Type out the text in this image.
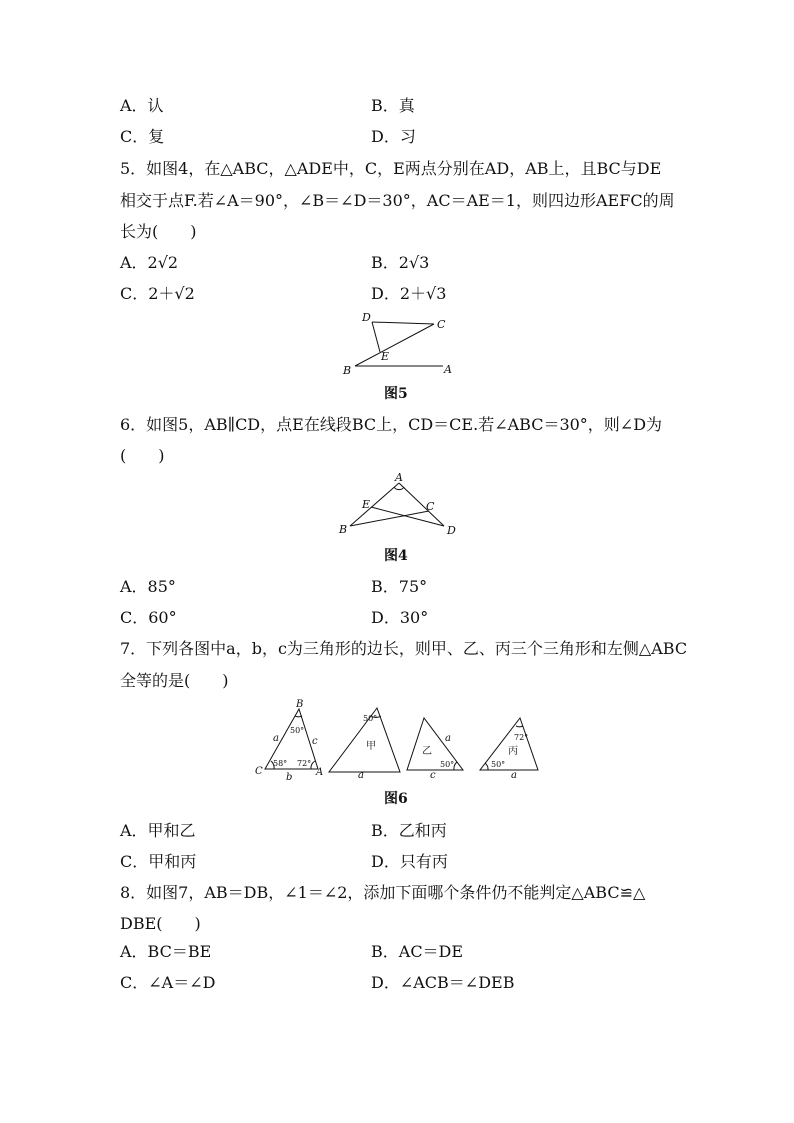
A．认	B．真
C．复	D．习
5．如图4，在△ABC，△ADE中，C，E两点分别在AD，AB上，且BC与DE
相交于点F.若∠A＝90°，∠B＝∠D＝30°，AC＝AE＝1，则四边形AEFC的周
长为(　　)
A．2√2	B．2√3
C．2＋√2	D．2＋√3
D
C
E
B	A
图5
6．如图5，AB∥CD，点E在线段BC上，CD＝CE.若∠ABC＝30°，则∠D为
(　　)
A
E	C
B	D
图4
A．85°	B．75°
C．60°	D．30°
7．下列各图中a，b，c为三角形的边长，则甲、乙、丙三个三角形和左侧△ABC
全等的是(　　)
B
C	A
a	c
b
50°
58° 72°
50°
甲
a
50°
乙
a
c
72°
50°
丙
a
图6
A．甲和乙	B．乙和丙
C．甲和丙	D．只有丙
8．如图7，AB＝DB，∠1＝∠2，添加下面哪个条件仍不能判定△ABC≌△
DBE(　　)
A．BC＝BE	B．AC＝DE
C．∠A＝∠D	D．∠ACB＝∠DEB
